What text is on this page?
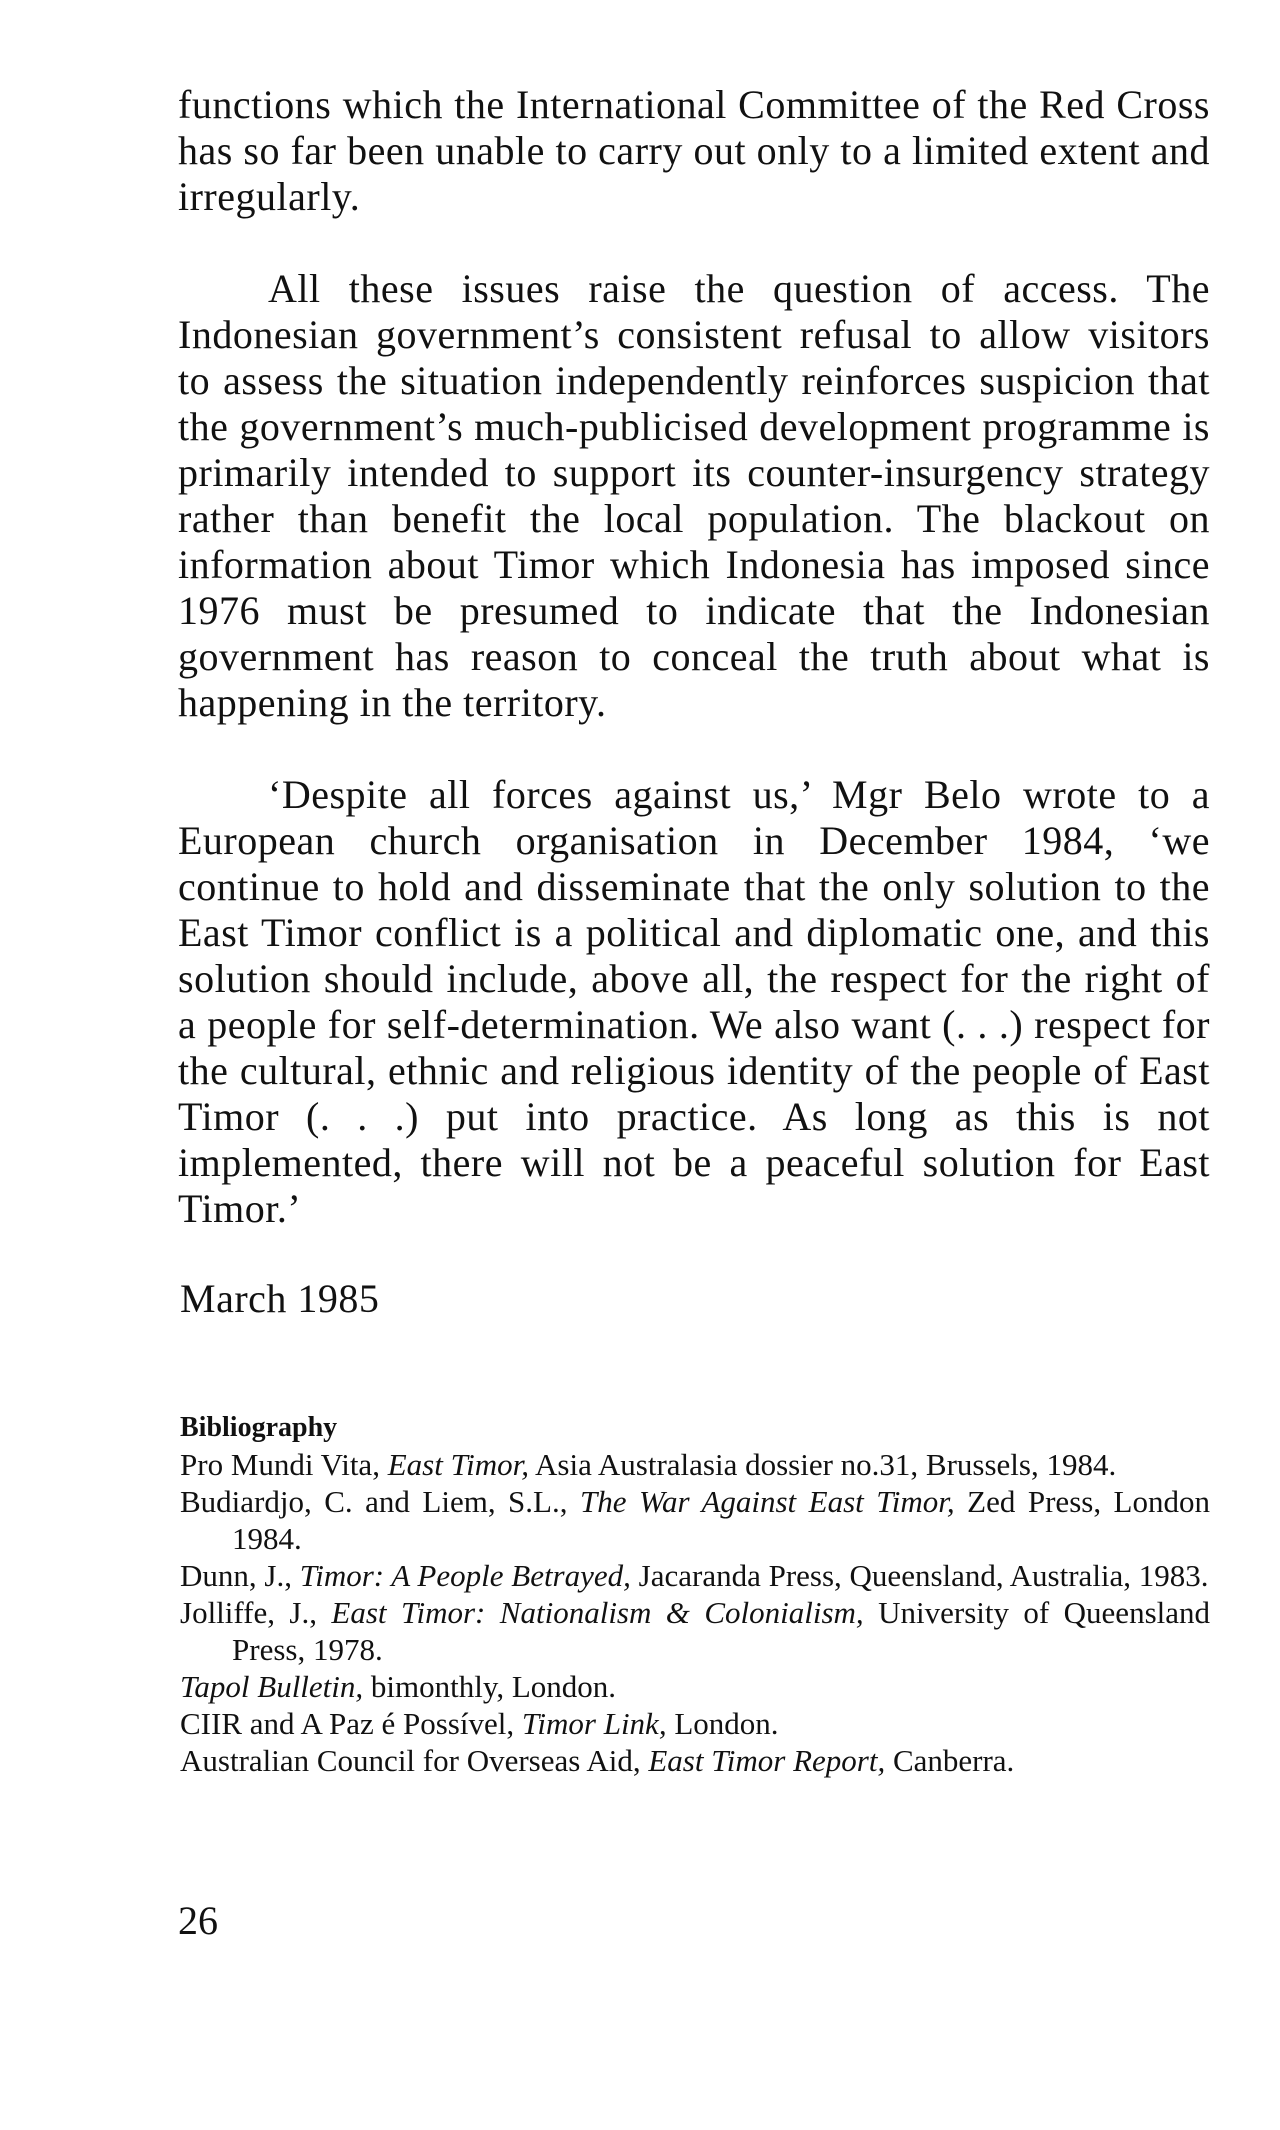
functions which the International Committee of the Red Cross has so far been unable to carry out only to a limited extent and irregularly.

All these issues raise the question of access. The Indonesian government’s consistent refusal to allow visitors to assess the situation independently reinforces suspicion that the government’s much-publicised development programme is primarily intended to support its counter-insurgency strategy rather than benefit the local population. The blackout on information about Timor which Indonesia has imposed since 1976 must be presumed to indicate that the Indonesian government has reason to conceal the truth about what is happening in the territory.

‘Despite all forces against us,’ Mgr Belo wrote to a European church organisation in December 1984, ‘we continue to hold and disseminate that the only solution to the East Timor conflict is a political and diplomatic one, and this solution should include, above all, the respect for the right of a people for self-determination. We also want (. . .) respect for the cultural, ethnic and religious identity of the people of East Timor (. . .) put into practice. As long as this is not implemented, there will not be a peaceful solution for East Timor.’

March 1985

Bibliography
Pro Mundi Vita, East Timor, Asia Australasia dossier no.31, Brussels, 1984.
Budiardjo, C. and Liem, S.L., The War Against East Timor, Zed Press, London 1984.
Dunn, J., Timor: A People Betrayed, Jacaranda Press, Queensland, Australia, 1983.
Jolliffe, J., East Timor: Nationalism & Colonialism, University of Queensland Press, 1978.
Tapol Bulletin, bimonthly, London.
CIIR and A Paz é Possível, Timor Link, London.
Australian Council for Overseas Aid, East Timor Report, Canberra.
26
